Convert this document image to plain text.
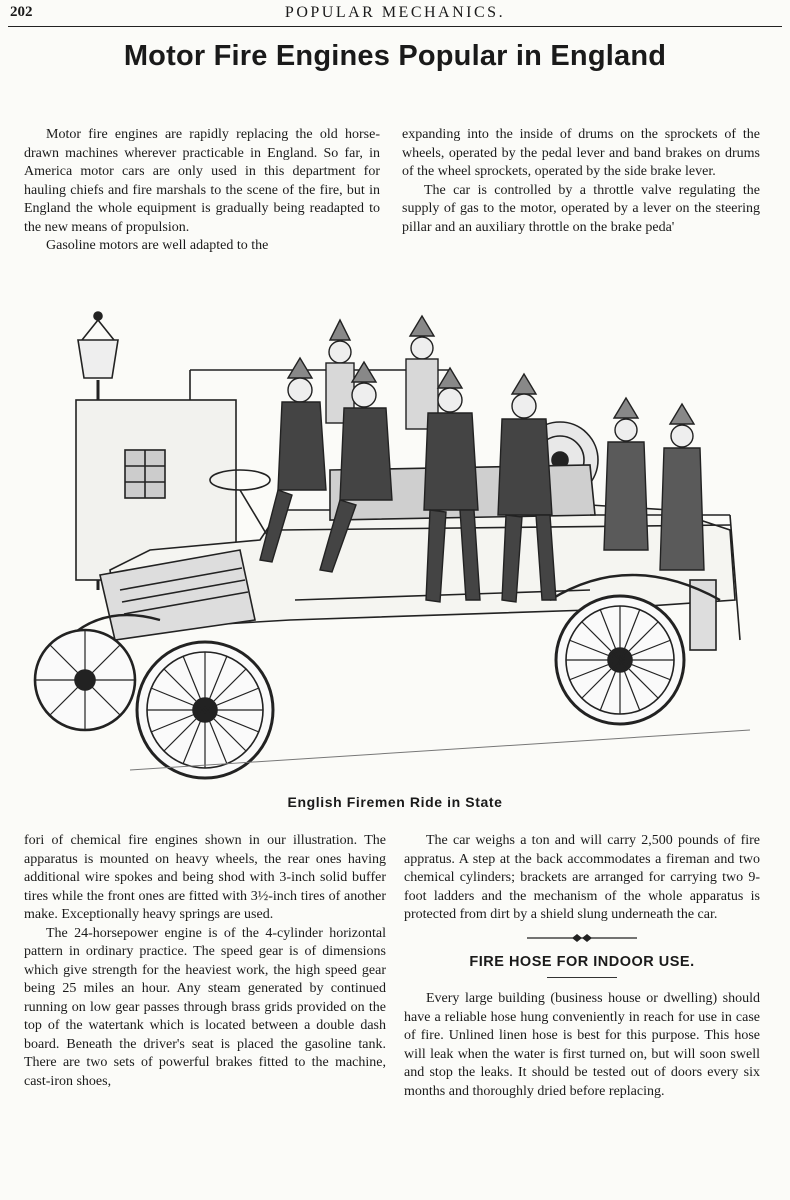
202	POPULAR MECHANICS.
Motor Fire Engines Popular in England

Motor fire engines are rapidly replacing the old horse-drawn machines wherever practicable in England. So far, in America motor cars are only used in this department for hauling chiefs and fire marshals to the scene of the fire, but in England the whole equipment is gradually being readapted to the new means of propulsion.

Gasoline motors are well adapted to the

expanding into the inside of drums on the sprockets of the wheels, operated by the pedal lever and band brakes on drums of the wheel sprockets, operated by the side brake lever.

The car is controlled by a throttle valve regulating the supply of gas to the motor, operated by a lever on the steering pillar and an auxiliary throttle on the brake peda'

English Firemen Ride in State

fori of chemical fire engines shown in our illustration. The apparatus is mounted on heavy wheels, the rear ones having additional wire spokes and being shod with 3-inch solid buffer tires while the front ones are fitted with 3½-inch tires of another make. Exceptionally heavy springs are used.

The 24-horsepower engine is of the 4-cylinder horizontal pattern in ordinary practice. The speed gear is of dimensions which give strength for the heaviest work, the high speed gear being 25 miles an hour. Any steam generated by continued running on low gear passes through brass grids provided on the top of the watertank which is located between a double dash board. Beneath the driver's seat is placed the gasoline tank. There are two sets of powerful brakes fitted to the machine, cast-iron shoes,

The car weighs a ton and will carry 2,500 pounds of fire appratus. A step at the back accommodates a fireman and two chemical cylinders; brackets are arranged for carrying two 9-foot ladders and the mechanism of the whole apparatus is protected from dirt by a shield slung underneath the car.

FIRE HOSE FOR INDOOR USE.

Every large building (business house or dwelling) should have a reliable hose hung conveniently in reach for use in case of fire. Unlined linen hose is best for this purpose. This hose will leak when the water is first turned on, but will soon swell and stop the leaks. It should be tested out of doors every six months and thoroughly dried before replacing.
